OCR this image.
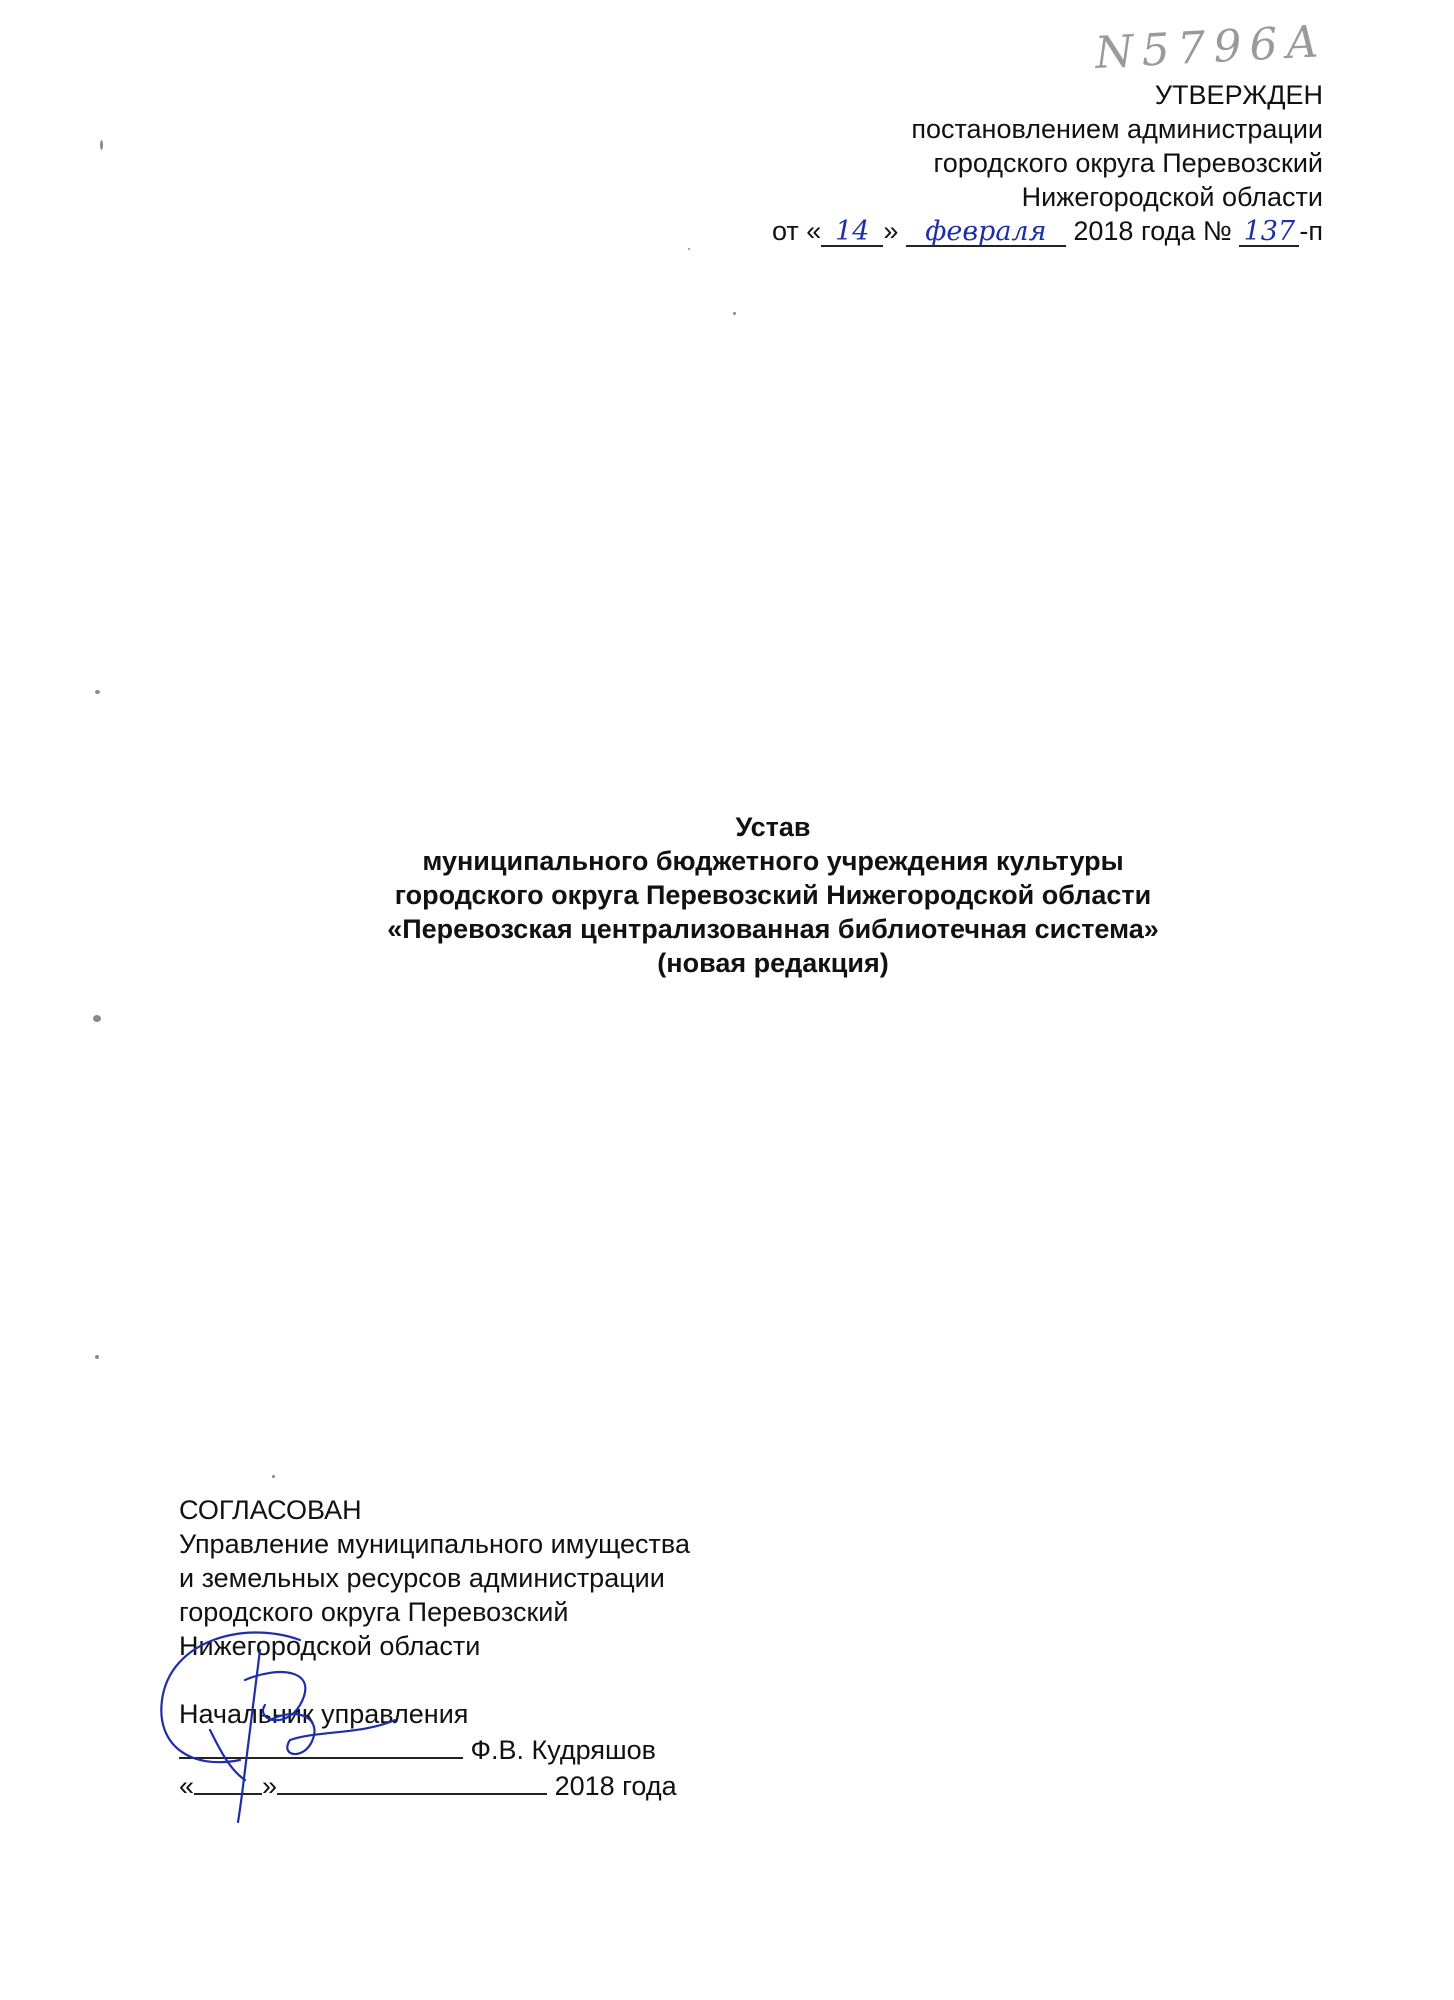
N5796А
УТВЕРЖДЕН
постановлением администрации
городского округа Перевозский
Нижегородской области
от « 14 » февраля 2018 года № 137 -п
Устав
муниципального бюджетного учреждения культуры
городского округа Перевозский Нижегородской области
«Перевозская централизованная библиотечная система»
(новая редакция)
СОГЛАСОВАН
Управление муниципального имущества
и земельных ресурсов администрации
городского округа Перевозский
Нижегородской области
Начальник управления
Ф.В. Кудряшов
«	»	2018 года
